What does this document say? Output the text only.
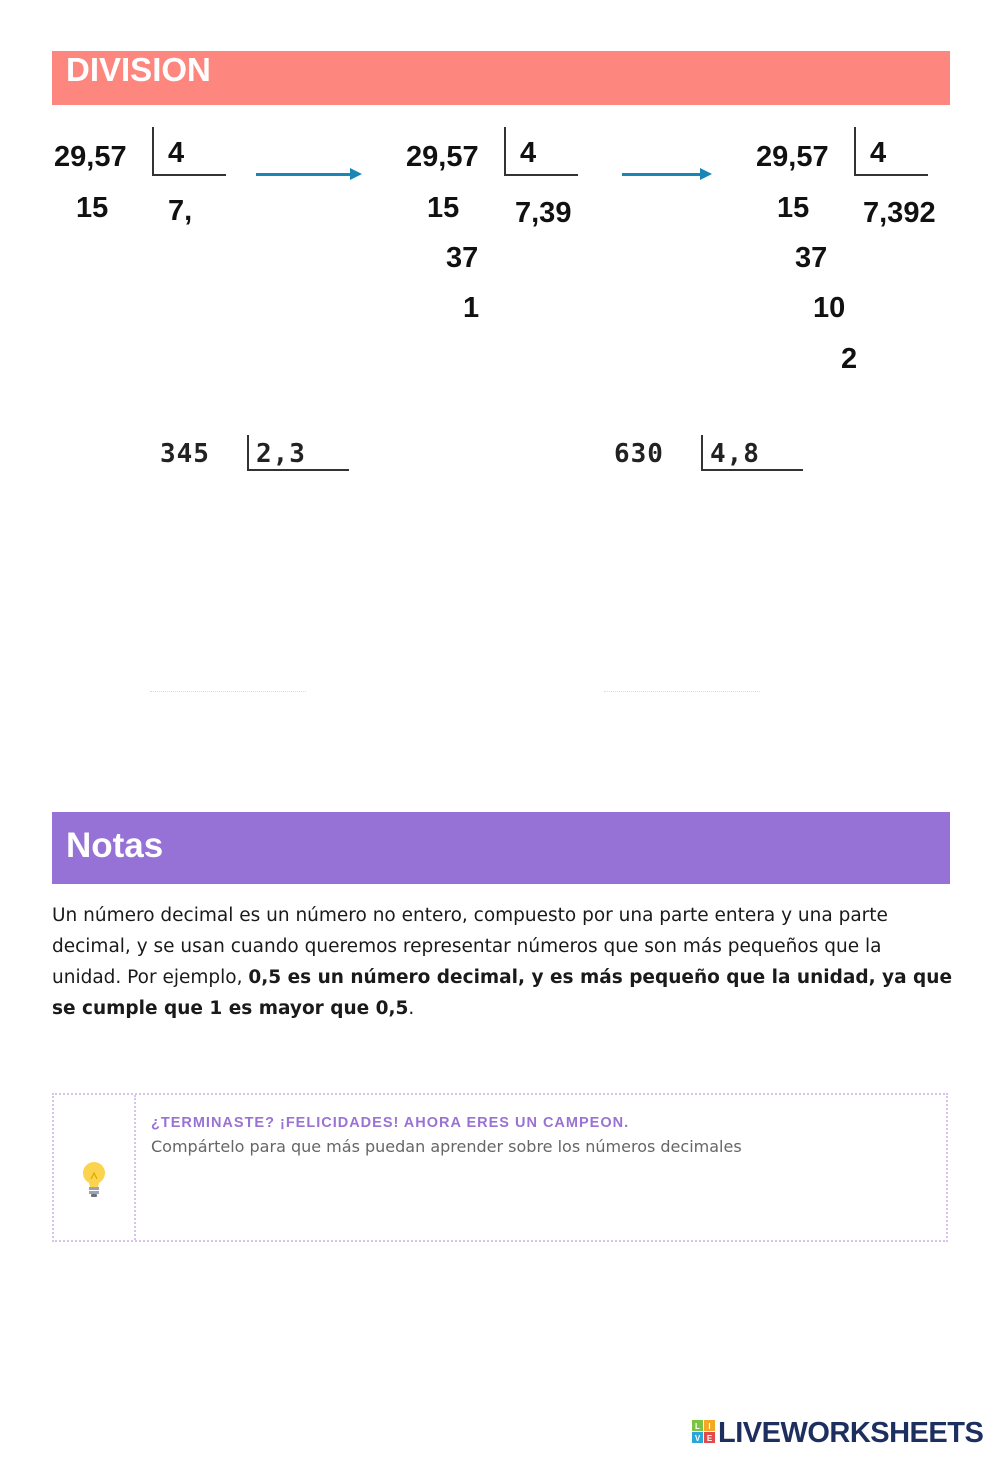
DIVISION
29,57 4
15 7,
29,57 4
15 7,39
37
1
29,57 4
15 7,392
37
10
2
345 2,3	630 4,8
Notas
Un número decimal es un número no entero, compuesto por una parte entera y una parte decimal, y se usan cuando queremos representar números que son más pequeños que la unidad. Por ejemplo, 0,5 es un número decimal, y es más pequeño que la unidad, ya que se cumple que 1 es mayor que 0,5.
¿TERMINASTE? ¡FELICIDADES! AHORA ERES UN CAMPEON.
Compártelo para que más puedan aprender sobre los números decimales
L I
V E LIVEWORKSHEETS
